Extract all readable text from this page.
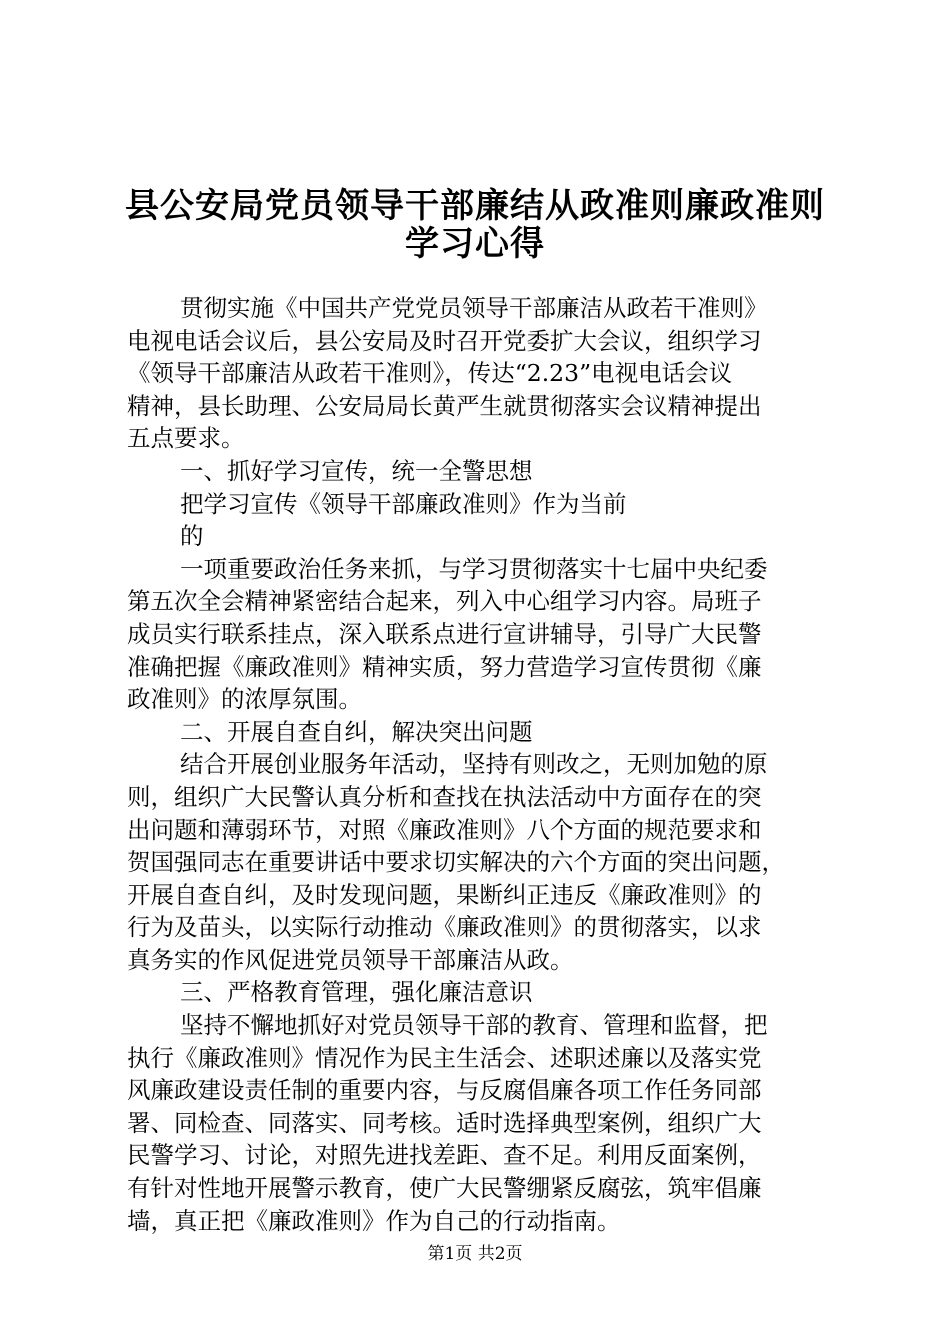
县公安局党员领导干部廉结从政准则廉政准则
学习心得
贯彻实施《中国共产党党员领导干部廉洁从政若干准则》
电视电话会议后，县公安局及时召开党委扩大会议，组织学习
《领导干部廉洁从政若干准则》，传达“2.23”电视电话会议
精神，县长助理、公安局局长黄严生就贯彻落实会议精神提出
五点要求。
一、抓好学习宣传，统一全警思想
把学习宣传《领导干部廉政准则》作为当前
的
一项重要政治任务来抓，与学习贯彻落实十七届中央纪委
第五次全会精神紧密结合起来，列入中心组学习内容。局班子
成员实行联系挂点，深入联系点进行宣讲辅导，引导广大民警
准确把握《廉政准则》精神实质，努力营造学习宣传贯彻《廉
政准则》的浓厚氛围。
二、开展自查自纠，解决突出问题
结合开展创业服务年活动，坚持有则改之，无则加勉的原
则，组织广大民警认真分析和查找在执法活动中方面存在的突
出问题和薄弱环节，对照《廉政准则》八个方面的规范要求和
贺国强同志在重要讲话中要求切实解决的六个方面的突出问题，
开展自查自纠，及时发现问题，果断纠正违反《廉政准则》的
行为及苗头，以实际行动推动《廉政准则》的贯彻落实，以求
真务实的作风促进党员领导干部廉洁从政。
三、严格教育管理，强化廉洁意识
坚持不懈地抓好对党员领导干部的教育、管理和监督，把
执行《廉政准则》情况作为民主生活会、述职述廉以及落实党
风廉政建设责任制的重要内容，与反腐倡廉各项工作任务同部
署、同检查、同落实、同考核。适时选择典型案例，组织广大
民警学习、讨论，对照先进找差距、查不足。利用反面案例，
有针对性地开展警示教育，使广大民警绷紧反腐弦，筑牢倡廉
墙，真正把《廉政准则》作为自己的行动指南。
第1页 共2页
